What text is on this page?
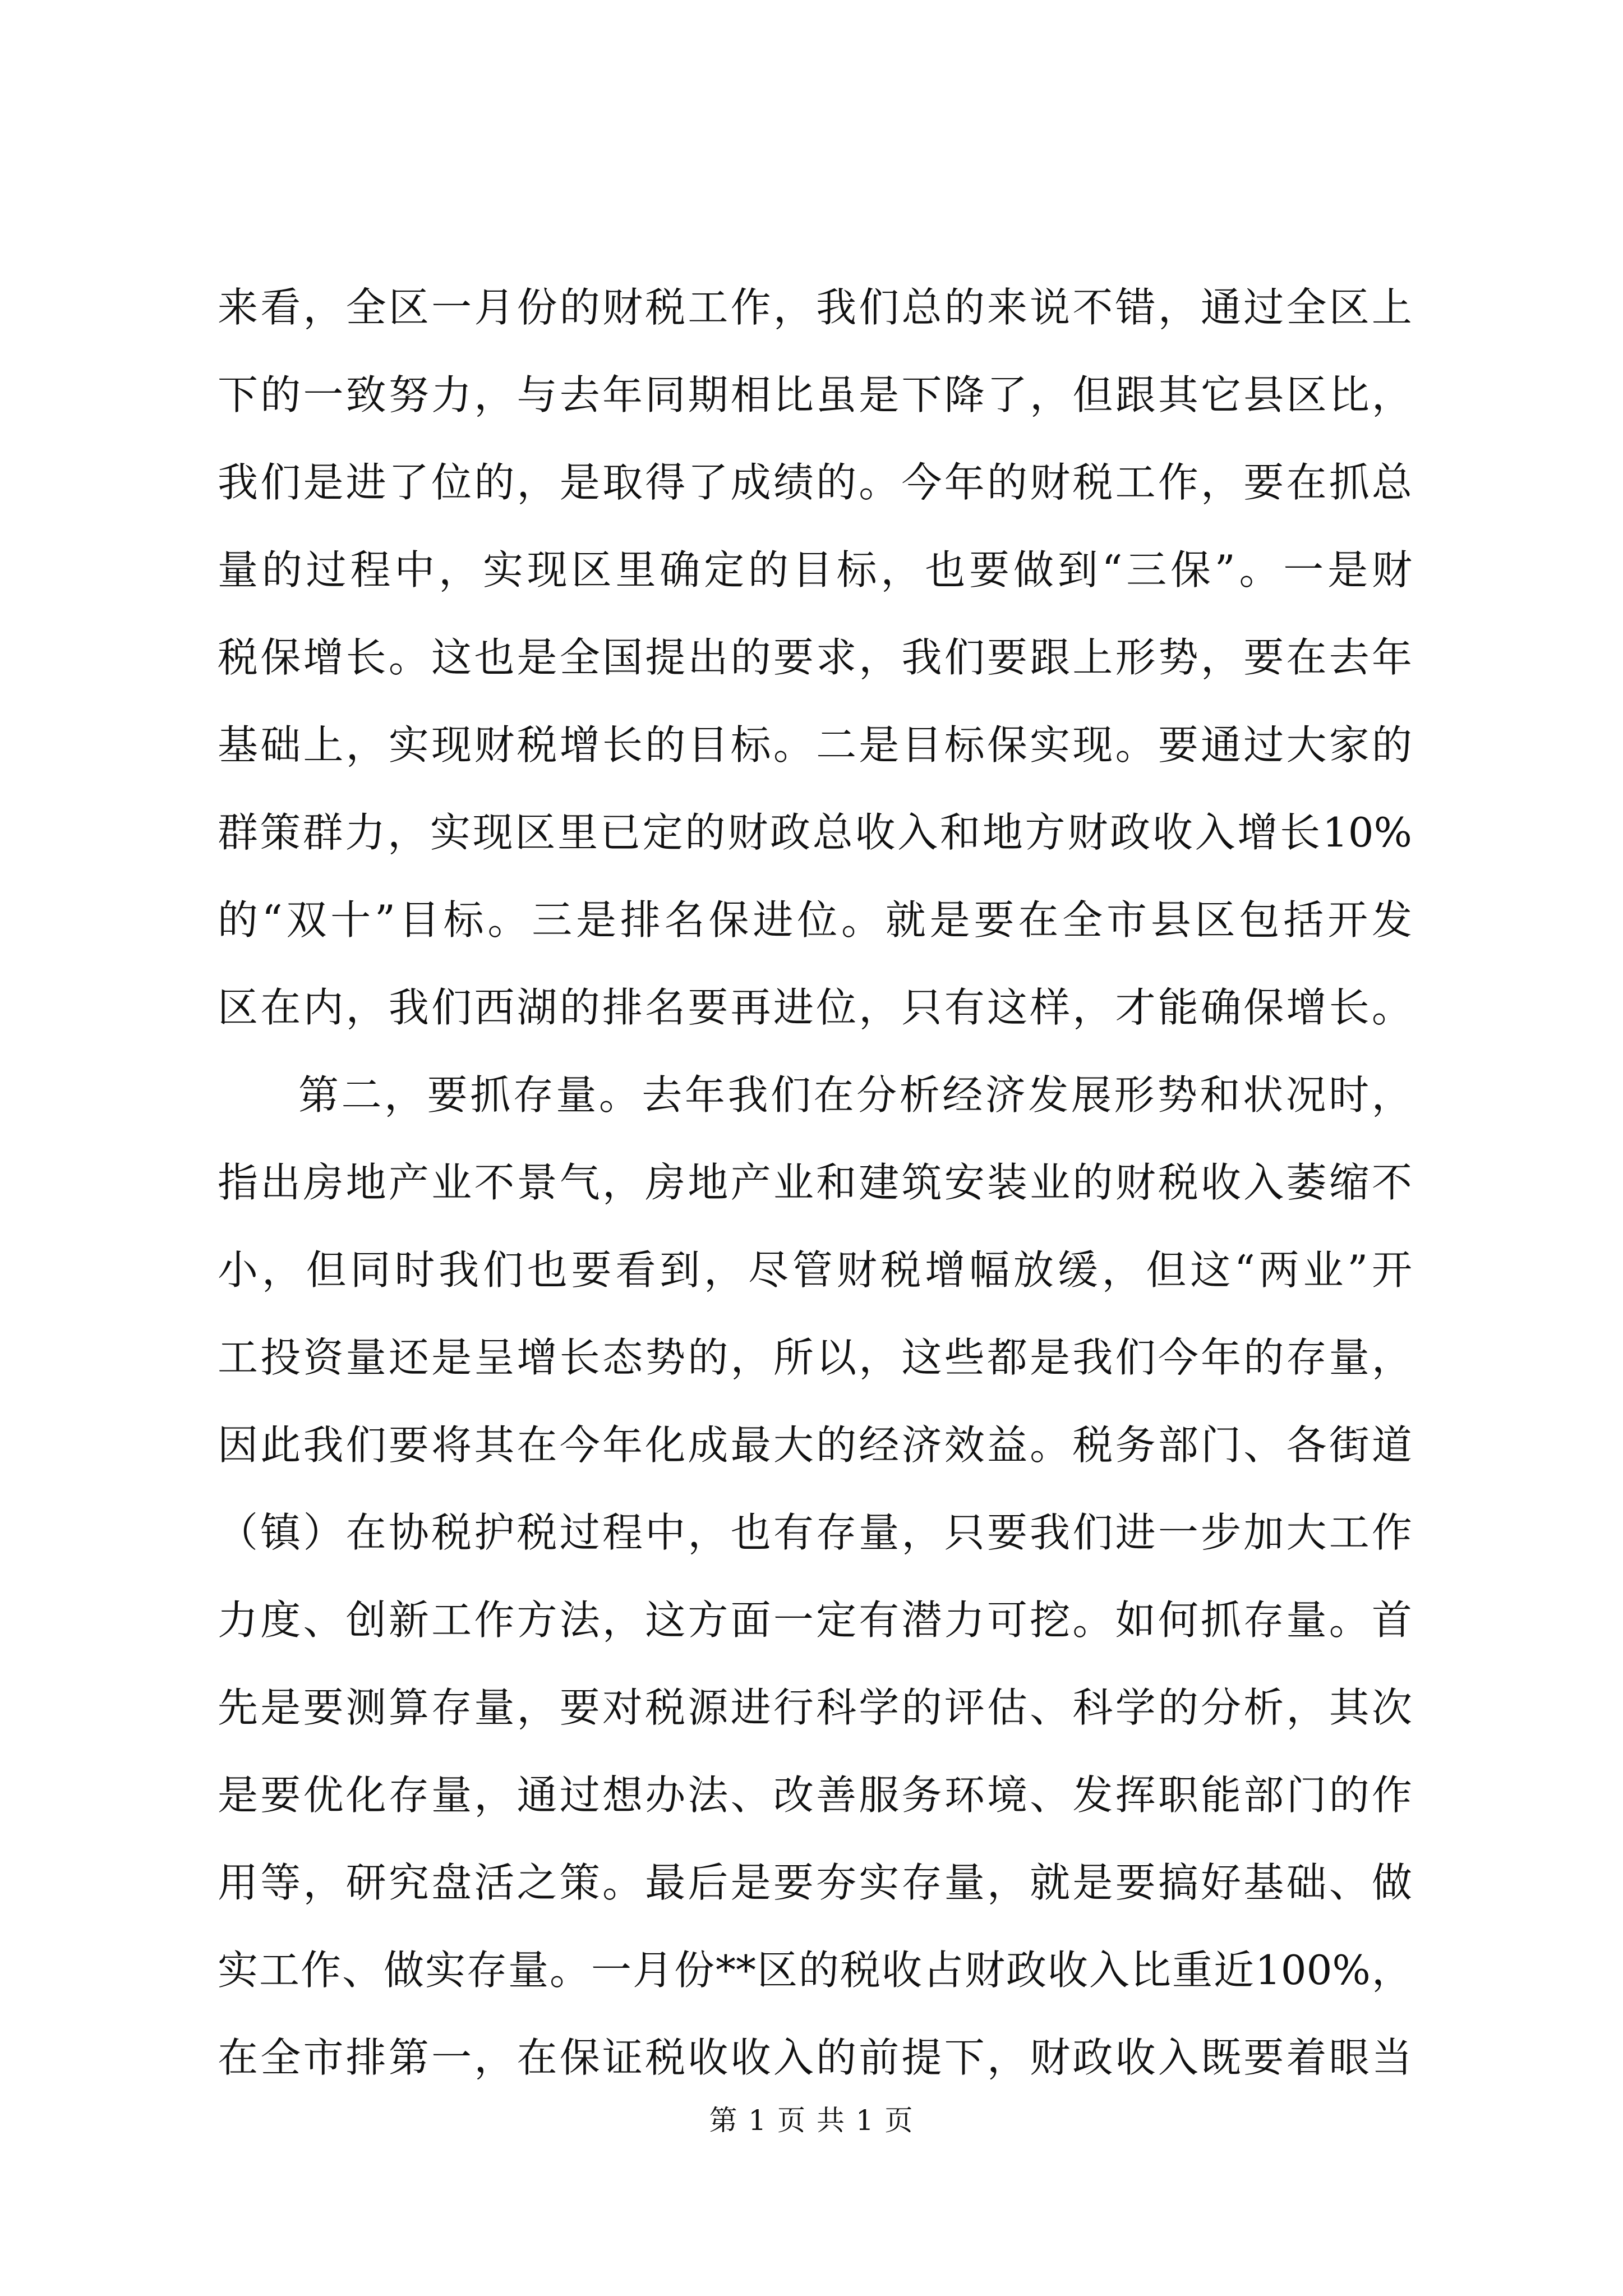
来 看 ， 全 区 一 月 份 的 财 税 工 作 ， 我 们 总 的 来 说 不 错 ， 通 过 全 区 上
下 的 一 致 努 力 ， 与 去 年 同 期 相 比 虽 是 下 降 了 ， 但 跟 其 它 县 区 比 ，
我 们 是 进 了 位 的 ， 是 取 得 了 成 绩 的 。 今 年 的 财 税 工 作 ， 要 在 抓 总
量 的 过 程 中 ， 实 现 区 里 确 定 的 目 标 ， 也 要 做 到 “ 三 保 ” 。 一 是 财
税 保 增 长 。 这 也 是 全 国 提 出 的 要 求 ， 我 们 要 跟 上 形 势 ， 要 在 去 年
基 础 上 ， 实 现 财 税 增 长 的 目 标 。 二 是 目 标 保 实 现 。 要 通 过 大 家 的
群 策 群 力 ， 实 现 区 里 已 定 的 财 政 总 收 入 和 地 方 财 政 收 入 增 长 10%
的 “ 双 十 ” 目 标 。 三 是 排 名 保 进 位 。 就 是 要 在 全 市 县 区 包 括 开 发
区 在 内 ， 我 们 西 湖 的 排 名 要 再 进 位 ， 只 有 这 样 ， 才 能 确 保 增 长 。
第 二 ， 要 抓 存 量 。 去 年 我 们 在 分 析 经 济 发 展 形 势 和 状 况 时 ，
指 出 房 地 产 业 不 景 气 ， 房 地 产 业 和 建 筑 安 装 业 的 财 税 收 入 萎 缩 不
小 ， 但 同 时 我 们 也 要 看 到 ， 尽 管 财 税 增 幅 放 缓 ， 但 这 “ 两 业 ” 开
工 投 资 量 还 是 呈 增 长 态 势 的 ， 所 以 ， 这 些 都 是 我 们 今 年 的 存 量 ，
因 此 我 们 要 将 其 在 今 年 化 成 最 大 的 经 济 效 益 。 税 务 部 门 、 各 街 道
（ 镇 ） 在 协 税 护 税 过 程 中 ， 也 有 存 量 ， 只 要 我 们 进 一 步 加 大 工 作
力 度 、 创 新 工 作 方 法 ， 这 方 面 一 定 有 潜 力 可 挖 。 如 何 抓 存 量 。 首
先 是 要 测 算 存 量 ， 要 对 税 源 进 行 科 学 的 评 估 、 科 学 的 分 析 ， 其 次
是 要 优 化 存 量 ， 通 过 想 办 法 、 改 善 服 务 环 境 、 发 挥 职 能 部 门 的 作
用 等 ， 研 究 盘 活 之 策 。 最 后 是 要 夯 实 存 量 ， 就 是 要 搞 好 基 础 、 做
实 工 作 、 做 实 存 量 。 一 月 份 ** 区 的 税 收 占 财 政 收 入 比 重 近 100% ，
在 全 市 排 第 一 ， 在 保 证 税 收 收 入 的 前 提 下 ， 财 政 收 入 既 要 着 眼 当
第 1 页 共 1 页
